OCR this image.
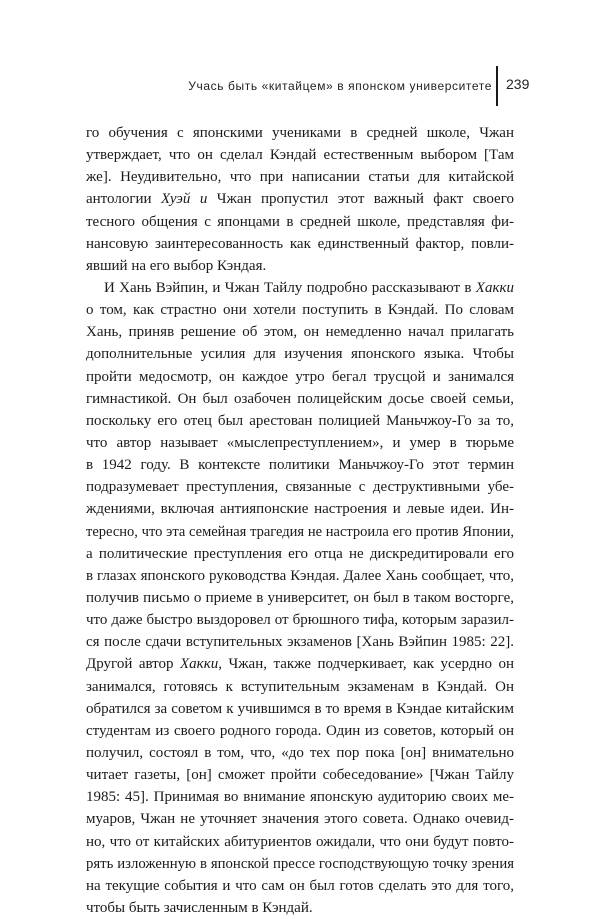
Учась быть «китайцем» в японском университете 239

го обучения с японскими учениками в средней школе, Чжан
утверждает, что он сделал Кэндай естественным выбором [Там
же]. Неудивительно, что при написании статьи для китайской
антологии Хуэй и Чжан пропустил этот важный факт своего
тесного общения с японцами в средней школе, представляя фи-
нансовую заинтересованность как единственный фактор, повли-
явший на его выбор Кэндая.

И Хань Вэйпин, и Чжан Тайлу подробно рассказывают в Хакки
о том, как страстно они хотели поступить в Кэндай. По словам
Хань, приняв решение об этом, он немедленно начал прилагать
дополнительные усилия для изучения японского языка. Чтобы
пройти медосмотр, он каждое утро бегал трусцой и занимался
гимнастикой. Он был озабочен полицейским досье своей семьи,
поскольку его отец был арестован полицией Маньчжоу-Го за то,
что автор называет «мыслепреступлением», и умер в тюрьме
в 1942 году. В контексте политики Маньчжоу-Го этот термин
подразумевает преступления, связанные с деструктивными убе-
ждениями, включая антияпонские настроения и левые идеи. Ин-
тересно, что эта семейная трагедия не настроила его против Японии,
а политические преступления его отца не дискредитировали его
в глазах японского руководства Кэндая. Далее Хань сообщает, что,
получив письмо о приеме в университет, он был в таком восторге,
что даже быстро выздоровел от брюшного тифа, которым заразил-
ся после сдачи вступительных экзаменов [Хань Вэйпин 1985: 22].
Другой автор Хакки, Чжан, также подчеркивает, как усердно он
занимался, готовясь к вступительным экзаменам в Кэндай. Он
обратился за советом к учившимся в то время в Кэндае китайским
студентам из своего родного города. Один из советов, который он
получил, состоял в том, что, «до тех пор пока [он] внимательно
читает газеты, [он] сможет пройти собеседование» [Чжан Тайлу
1985: 45]. Принимая во внимание японскую аудиторию своих ме-
муаров, Чжан не уточняет значения этого совета. Однако очевид-
но, что от китайских абитуриентов ожидали, что они будут повто-
рять изложенную в японской прессе господствующую точку зрения
на текущие события и что сам он был готов сделать это для того,
чтобы быть зачисленным в Кэндай.
